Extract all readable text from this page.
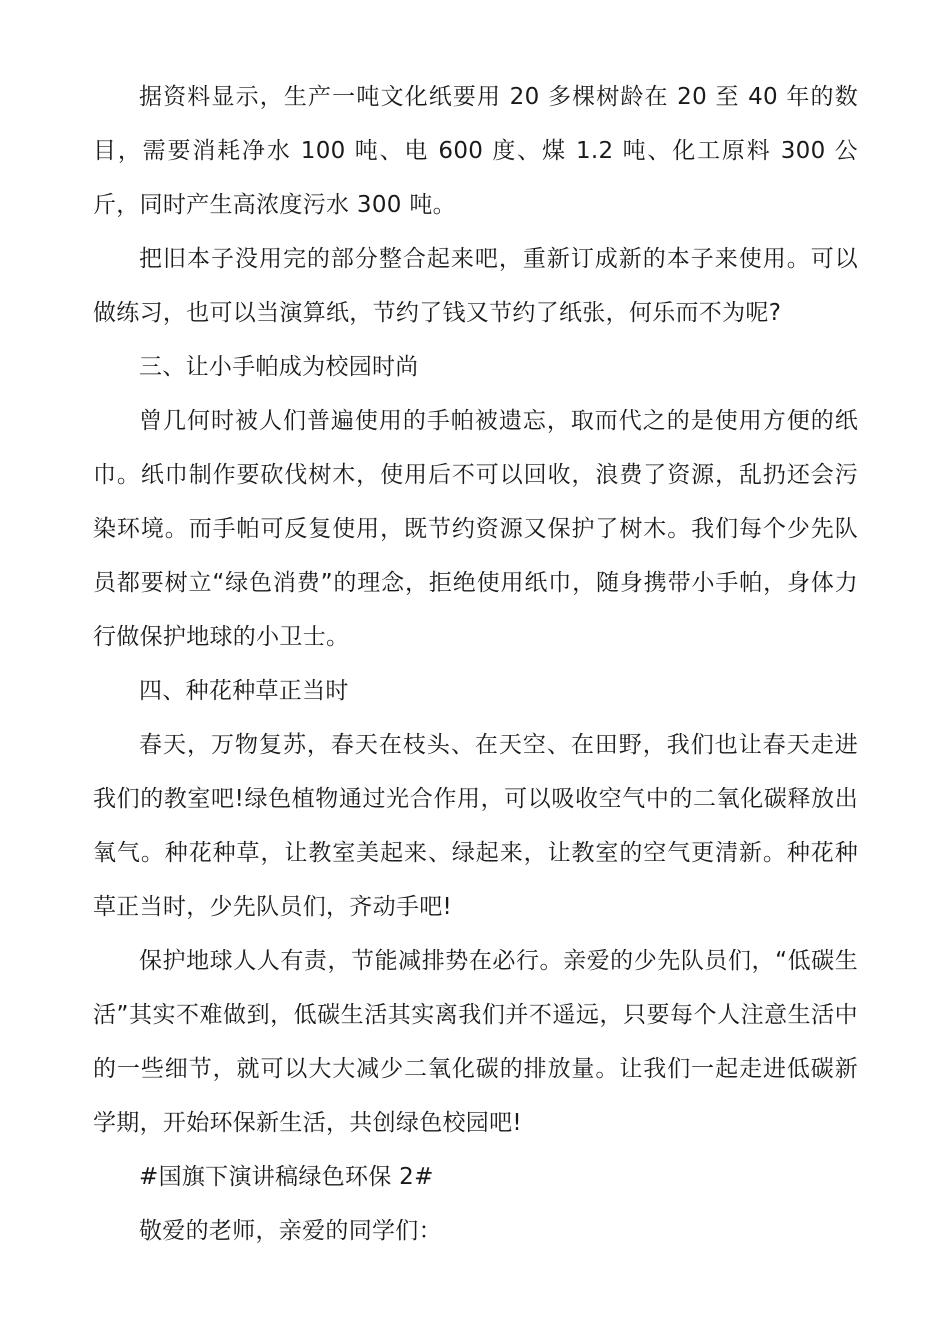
据资料显示，生产一吨文化纸要用 20 多棵树龄在 20 至 40 年的数目，需要消耗净水 100 吨、电 600 度、煤 1.2 吨、化工原料 300 公斤，同时产生高浓度污水 300 吨。

把旧本子没用完的部分整合起来吧，重新订成新的本子来使用。可以做练习，也可以当演算纸，节约了钱又节约了纸张，何乐而不为呢?

三、让小手帕成为校园时尚

曾几何时被人们普遍使用的手帕被遗忘，取而代之的是使用方便的纸巾。纸巾制作要砍伐树木，使用后不可以回收，浪费了资源，乱扔还会污染环境。而手帕可反复使用，既节约资源又保护了树木。我们每个少先队员都要树立“绿色消费”的理念，拒绝使用纸巾，随身携带小手帕，身体力行做保护地球的小卫士。

四、种花种草正当时

春天，万物复苏，春天在枝头、在天空、在田野，我们也让春天走进我们的教室吧!绿色植物通过光合作用，可以吸收空气中的二氧化碳释放出氧气。种花种草，让教室美起来、绿起来，让教室的空气更清新。种花种草正当时，少先队员们，齐动手吧!

保护地球人人有责，节能减排势在必行。亲爱的少先队员们，“低碳生活”其实不难做到，低碳生活其实离我们并不遥远，只要每个人注意生活中的一些细节，就可以大大减少二氧化碳的排放量。让我们一起走进低碳新学期，开始环保新生活，共创绿色校园吧!

#国旗下演讲稿绿色环保 2#

敬爱的老师，亲爱的同学们：
